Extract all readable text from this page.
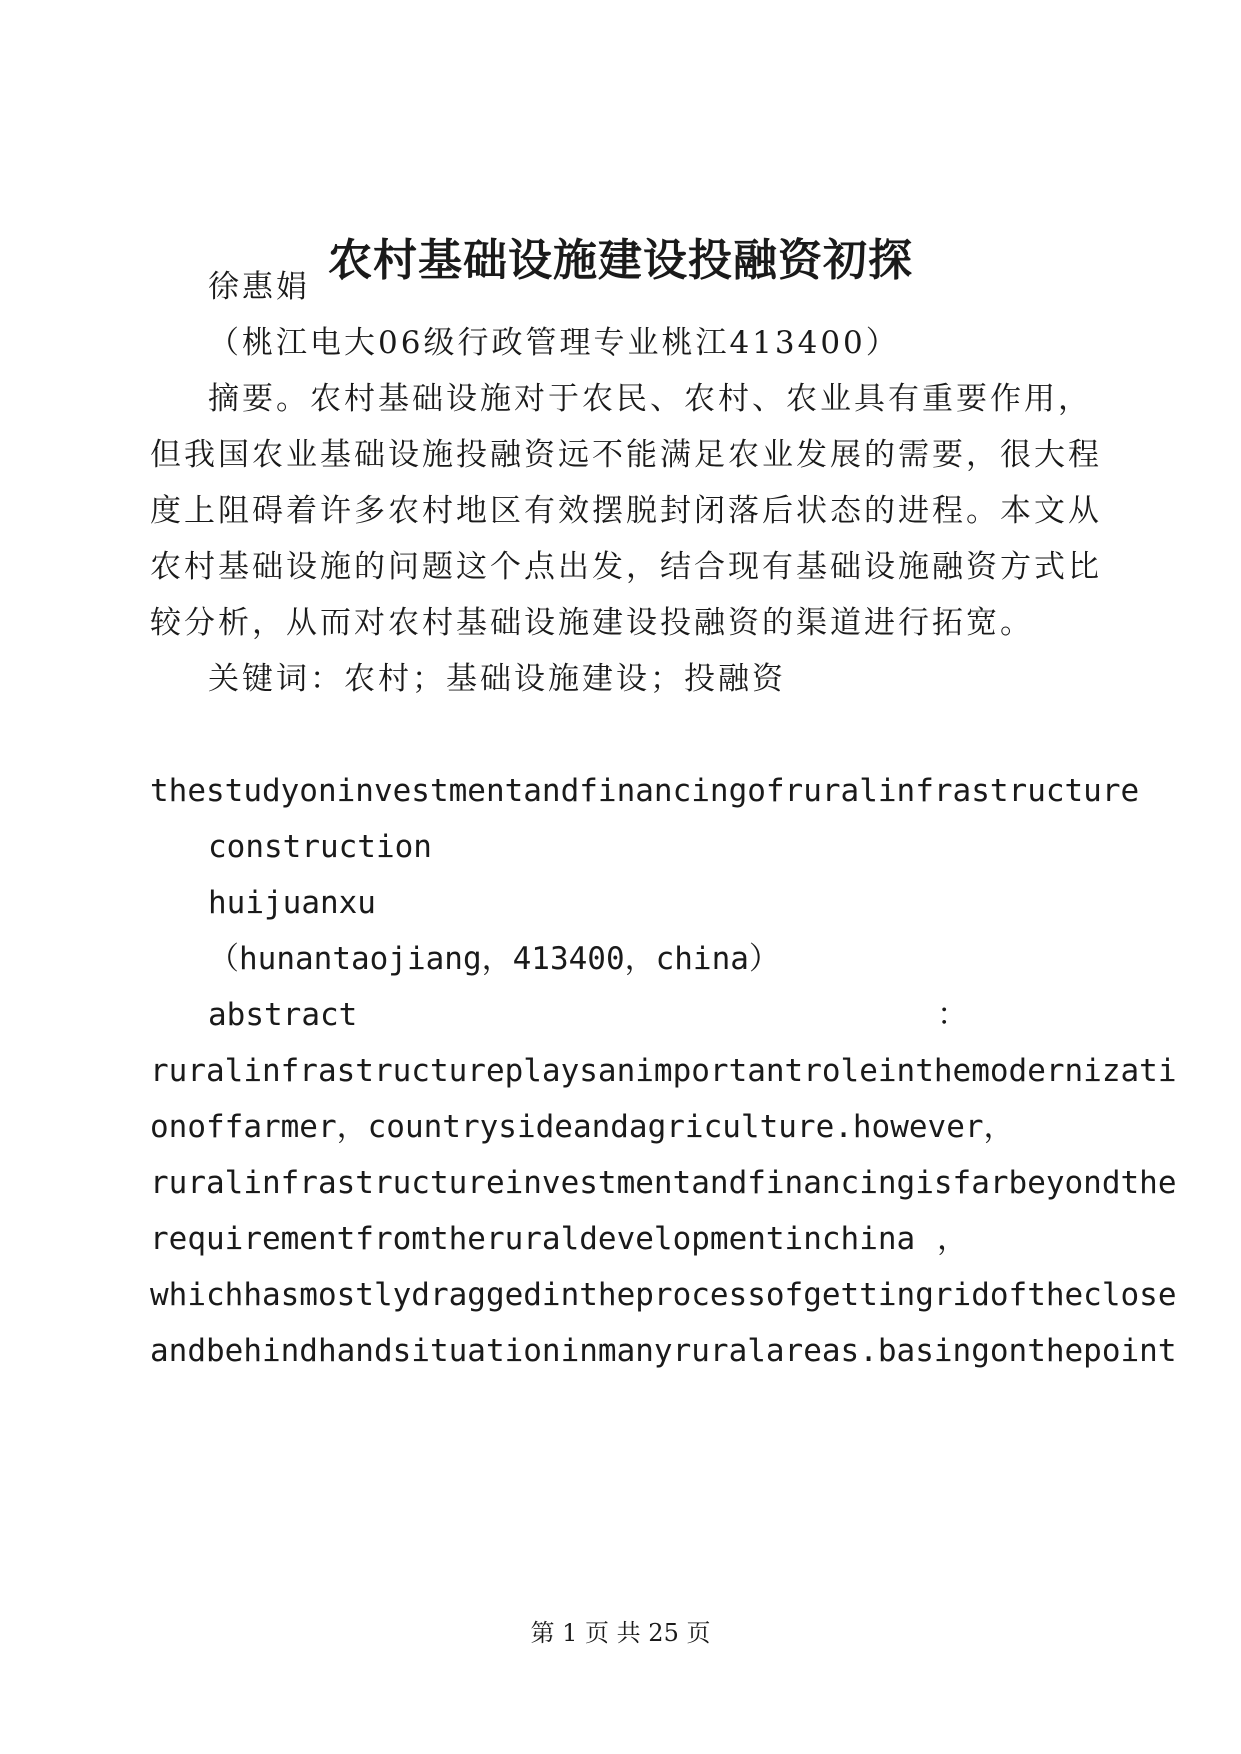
农村基础设施建设投融资初探
徐惠娟
（桃江电大06级行政管理专业桃江413400）
摘要。农村基础设施对于农民、农村、农业具有重要作用，
但我国农业基础设施投融资远不能满足农业发展的需要，很大程
度上阻碍着许多农村地区有效摆脱封闭落后状态的进程。本文从
农村基础设施的问题这个点出发，结合现有基础设施融资方式比
较分析，从而对农村基础设施建设投融资的渠道进行拓宽。
关键词：农村；基础设施建设；投融资
thestudyoninvestmentandfinancingofruralinfrastructure
construction
huijuanxu
（hunantaojiang，413400，china）
abstract	：
ruralinfrastructureplaysanimportantroleinthemodernizati
onoffarmer ， countrysideandagriculture.however ，
ruralinfrastructureinvestmentandfinancingisfarbeyondthe
requirementfromtheruraldevelopmentinchina ，
whichhasmostlydraggedintheprocessofgettingridoftheclose
andbehindhandsituationinmanyruralareas.basingonthepoint
第 1 页 共 25 页
